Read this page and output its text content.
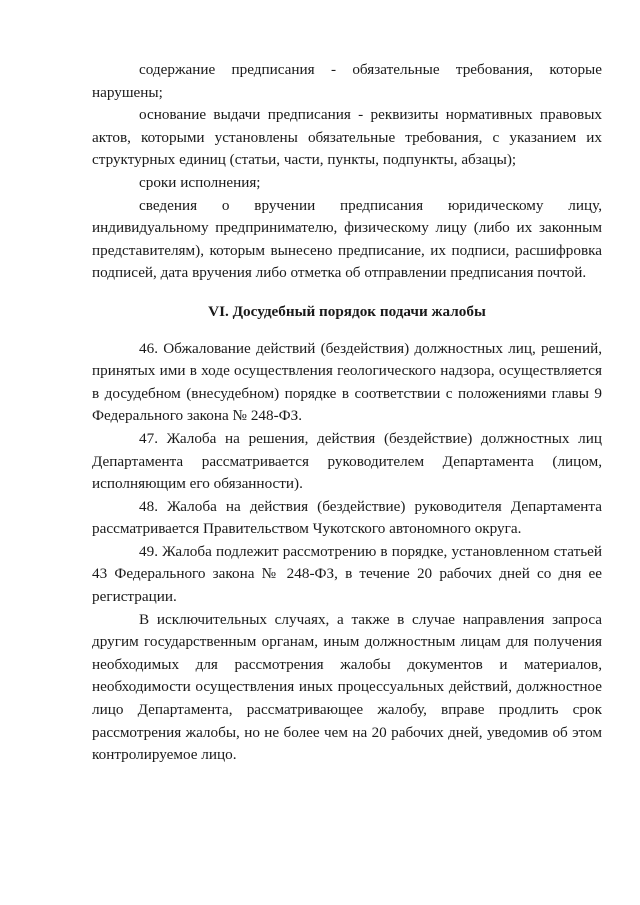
содержание предписания - обязательные требования, которые
нарушены;

основание выдачи предписания - реквизиты нормативных правовых
актов, которыми установлены обязательные требования, с указанием их
структурных единиц (статьи, части, пункты, подпункты, абзацы);

сроки исполнения;

сведения о вручении предписания юридическому лицу,
индивидуальному предпринимателю, физическому лицу (либо их законным
представителям), которым вынесено предписание, их подписи, расшифровка
подписей, дата вручения либо отметка об отправлении предписания почтой.

VI. Досудебный порядок подачи жалобы

46. Обжалование действий (бездействия) должностных лиц, решений,
принятых ими в ходе осуществления геологического надзора, осуществляется
в досудебном (внесудебном) порядке в соответствии с положениями главы 9
Федерального закона № 248-ФЗ.

47. Жалоба на решения, действия (бездействие) должностных лиц
Департамента рассматривается руководителем Департамента (лицом,
исполняющим его обязанности).

48. Жалоба на действия (бездействие) руководителя Департамента
рассматривается Правительством Чукотского автономного округа.

49. Жалоба подлежит рассмотрению в порядке, установленном статьей
43 Федерального закона № 248-ФЗ, в течение 20 рабочих дней со дня ее
регистрации.

В исключительных случаях, а также в случае направления запроса
другим государственным органам, иным должностным лицам для получения
необходимых для рассмотрения жалобы документов и материалов,
необходимости осуществления иных процессуальных действий, должностное
лицо Департамента, рассматривающее жалобу, вправе продлить срок
рассмотрения жалобы, но не более чем на 20 рабочих дней, уведомив об этом
контролируемое лицо.
